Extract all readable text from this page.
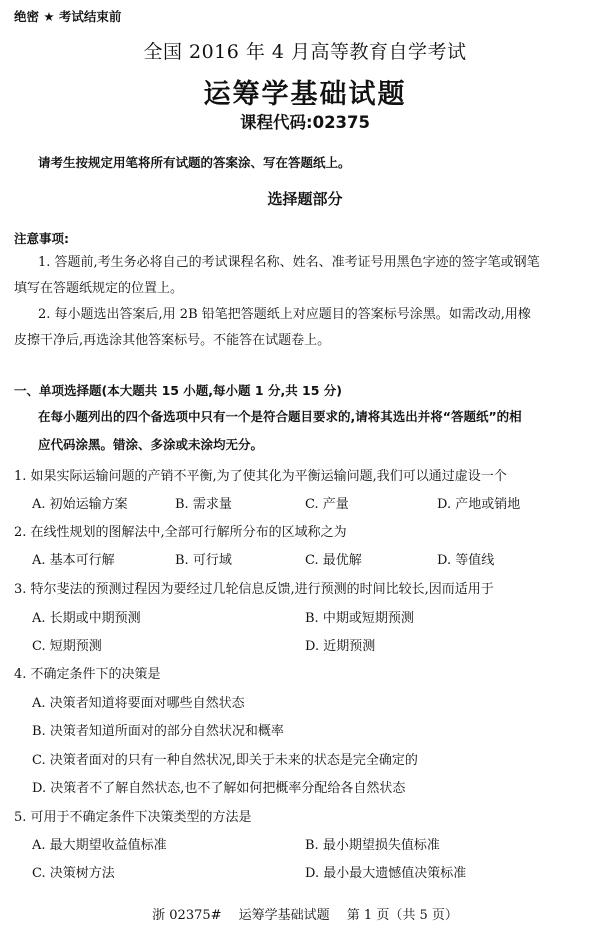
绝密 ★ 考试结束前
全国 2016 年 4 月高等教育自学考试
运筹学基础试题
课程代码:02375
请考生按规定用笔将所有试题的答案涂、写在答题纸上。
选择题部分
注意事项:
1. 答题前,考生务必将自己的考试课程名称、姓名、准考证号用黑色字迹的签字笔或钢笔
填写在答题纸规定的位置上。
2. 每小题选出答案后,用 2B 铅笔把答题纸上对应题目的答案标号涂黑。如需改动,用橡
皮擦干净后,再选涂其他答案标号。不能答在试题卷上。
一、单项选择题(本大题共 15 小题,每小题 1 分,共 15 分)
在每小题列出的四个备选项中只有一个是符合题目要求的,请将其选出并将“答题纸”的相
应代码涂黑。错涂、多涂或未涂均无分。
1. 如果实际运输问题的产销不平衡,为了使其化为平衡运输问题,我们可以通过虚设一个
A. 初始运输方案	B. 需求量	C. 产量	D. 产地或销地
2. 在线性规划的图解法中,全部可行解所分布的区域称之为
A. 基本可行解	B. 可行域	C. 最优解	D. 等值线
3. 特尔斐法的预测过程因为要经过几轮信息反馈,进行预测的时间比较长,因而适用于
A. 长期或中期预测	B. 中期或短期预测
C. 短期预测	D. 近期预测
4. 不确定条件下的决策是
A. 决策者知道将要面对哪些自然状态
B. 决策者知道所面对的部分自然状况和概率
C. 决策者面对的只有一种自然状况,即关于未来的状态是完全确定的
D. 决策者不了解自然状态,也不了解如何把概率分配给各自然状态
5. 可用于不确定条件下决策类型的方法是
A. 最大期望收益值标准	B. 最小期望损失值标准
C. 决策树方法	D. 最小最大遗憾值决策标准
浙 02375#　 运筹学基础试题　 第 1 页（共 5 页）
